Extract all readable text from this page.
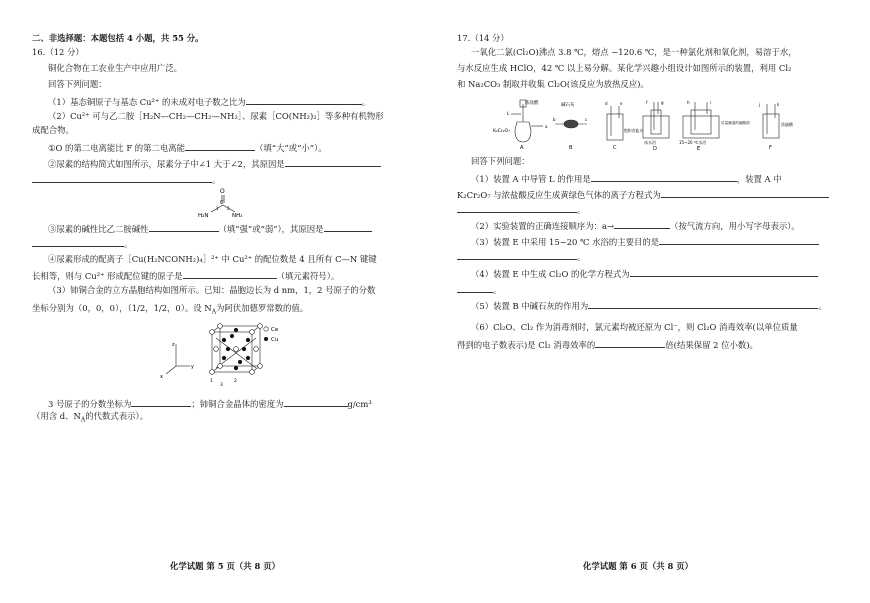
二、非选择题：本题包括 4 小题，共 55 分。
16.（12 分）
铜化合物在工农业生产中应用广泛。
回答下列问题：
（1）基态铜原子与基态 Cu²⁺ 的未成对电子数之比为	。
（2）Cu²⁺ 可与乙二胺［H₂N—CH₂—CH₂—NH₂］、尿素［CO(NH₂)₂］等多种有机物形
成配合物。
①O 的第二电离能比 F 的第二电离能	（填“大”或“小”）。
②尿素的结构简式如图所示，尿素分子中∠1 大于∠2，其原因是
。
O
C
H₂N	NH₂
1 2
③尿素的碱性比乙二胺碱性	（填“强”或“弱”），其原因是
。
④尿素形成的配离子［Cu(H₂NCONH₂)₄］²⁺ 中 Cu²⁺ 的配位数是 4 且所有 C—N 键键
长相等，则与 Cu²⁺ 形成配位键的原子是	（填元素符号）。
（3）铈铜合金的立方晶胞结构如图所示。已知：晶胞边长为 d nm，1，2 号原子的分数
坐标分别为（0，0，0），（1/2，1/2，0）。设 $N_A$为阿伏加德罗常数的值。
z
y
x
1	2
3
Ce
Cu
3 号原子的分数坐标为	；铈铜合金晶体的密度为	g/cm³
（用含 d、$N_A$的代数式表示）。
化学试题 第 5 页（共 8 页）
17.（14 分）
一氧化二氯(Cl₂O)沸点 3.8 ℃，熔点 −120.6 ℃，是一种氯化剂和氧化剂，易溶于水，
与水反应生成 HClO，42 ℃ 以上易分解。某化学兴趣小组设计如图所示的装置，利用 Cl₂
和 Na₂CO₃ 制取并收集 Cl₂O(该反应为放热反应)。
浓盐酸
K₂Cr₂O₇
L
a
A
碱石灰
b	c
B
d	e
饱和食盐水
C
f	g
冰水浴
D
h	i
足量潮湿的碳酸钠
15~20 ℃水浴
E
j	k
浓硫酸
F
回答下列问题：
（1）装置 A 中导管 L 的作用是	，装置 A 中
K₂Cr₂O₇ 与浓盐酸反应生成黄绿色气体的离子方程式为
。
（2）实验装置的正确连接顺序为：a→	（按气流方向，用小写字母表示）。
（3）装置 E 中采用 15~20 ℃ 水浴的主要目的是
。
（4）装置 E 中生成 Cl₂O 的化学方程式为
。
（5）装置 B 中碱石灰的作用为	。
（6）Cl₂O、Cl₂ 作为消毒剂时，氯元素均被还原为 Cl⁻，则 Cl₂O 消毒效率(以单位质量
得到的电子数表示)是 Cl₂ 消毒效率的	倍(结果保留 2 位小数)。
化学试题 第 6 页（共 8 页）
